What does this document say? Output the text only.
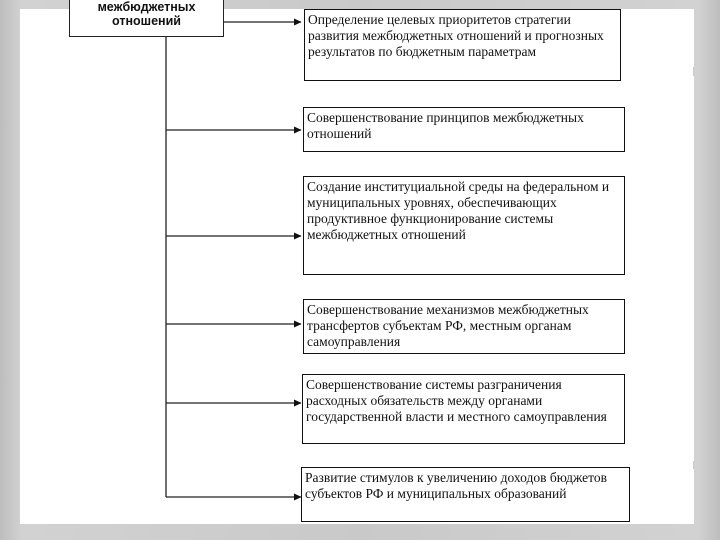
межбюджетных
отношений	Определение целевых приоритетов стратегии развития межбюджетных отношений и прогнозных результатов по бюджетным параметрам
Совершенствование принципов межбюджетных отношений
Создание институциальной среды на федеральном и муниципальных уровнях, обеспечивающих продуктивное функционирование системы межбюджетных отношений
Совершенствование механизмов межбюджетных трансфертов субъектам РФ, местным органам самоуправления
Совершенствование системы разграничения расходных обязательств между органами государственной власти и местного самоуправления
Развитие стимулов к увеличению доходов бюджетов субъектов РФ и муниципальных образований
